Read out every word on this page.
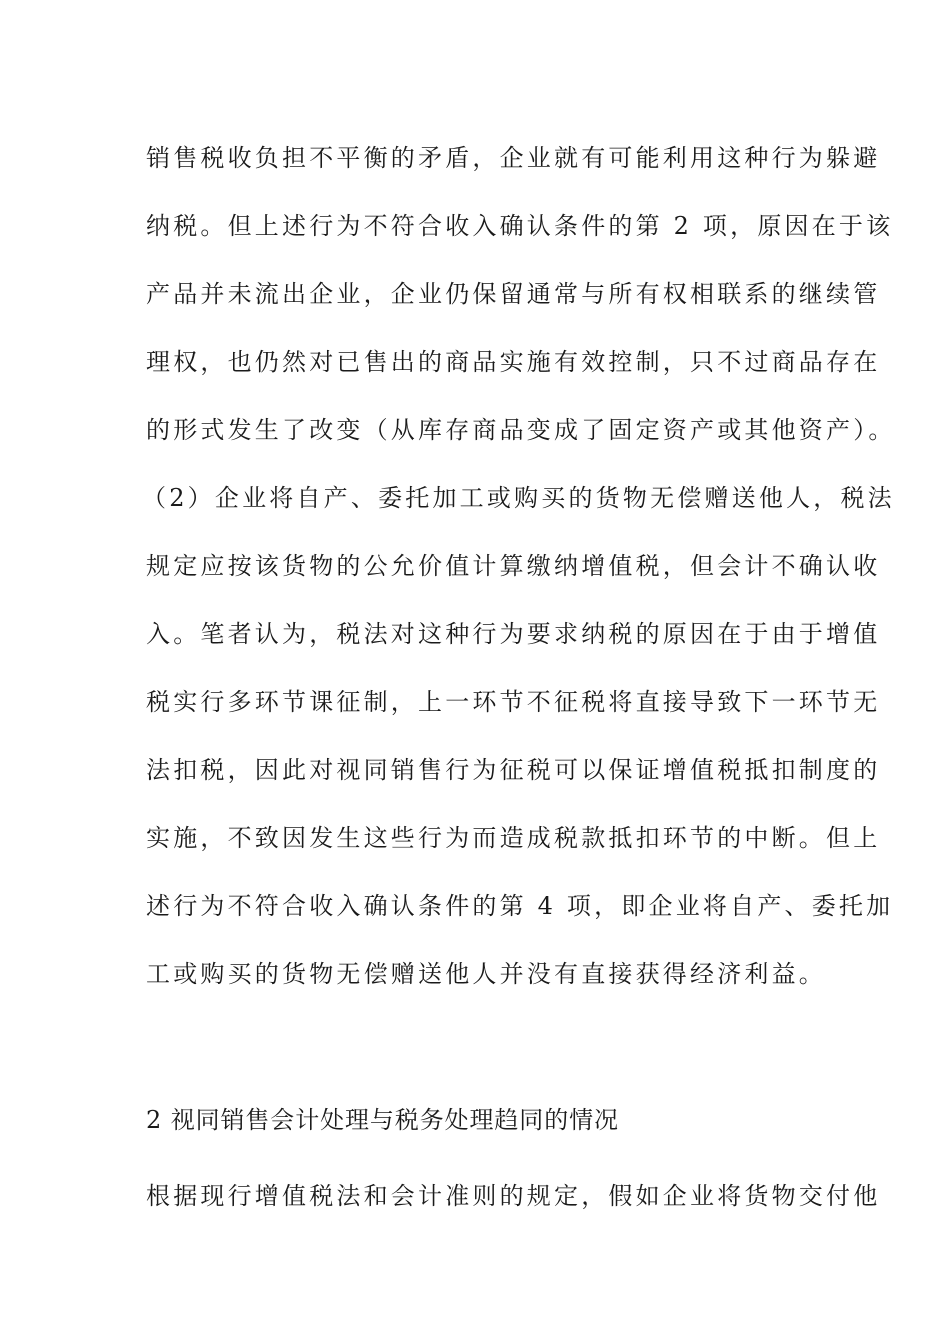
销售税收负担不平衡的矛盾，企业就有可能利用这种行为躲避
纳税。但上述行为不符合收入确认条件的第 2 项，原因在于该
产品并未流出企业，企业仍保留通常与所有权相联系的继续管
理权，也仍然对已售出的商品实施有效控制，只不过商品存在
的形式发生了改变（从库存商品变成了固定资产或其他资产）。
（2）企业将自产、委托加工或购买的货物无偿赠送他人，税法
规定应按该货物的公允价值计算缴纳增值税，但会计不确认收
入。笔者认为，税法对这种行为要求纳税的原因在于由于增值
税实行多环节课征制，上一环节不征税将直接导致下一环节无
法扣税，因此对视同销售行为征税可以保证增值税抵扣制度的
实施，不致因发生这些行为而造成税款抵扣环节的中断。但上
述行为不符合收入确认条件的第 4 项，即企业将自产、委托加
工或购买的货物无偿赠送他人并没有直接获得经济利益。
2 视同销售会计处理与税务处理趋同的情况
根据现行增值税法和会计准则的规定，假如企业将货物交付他
